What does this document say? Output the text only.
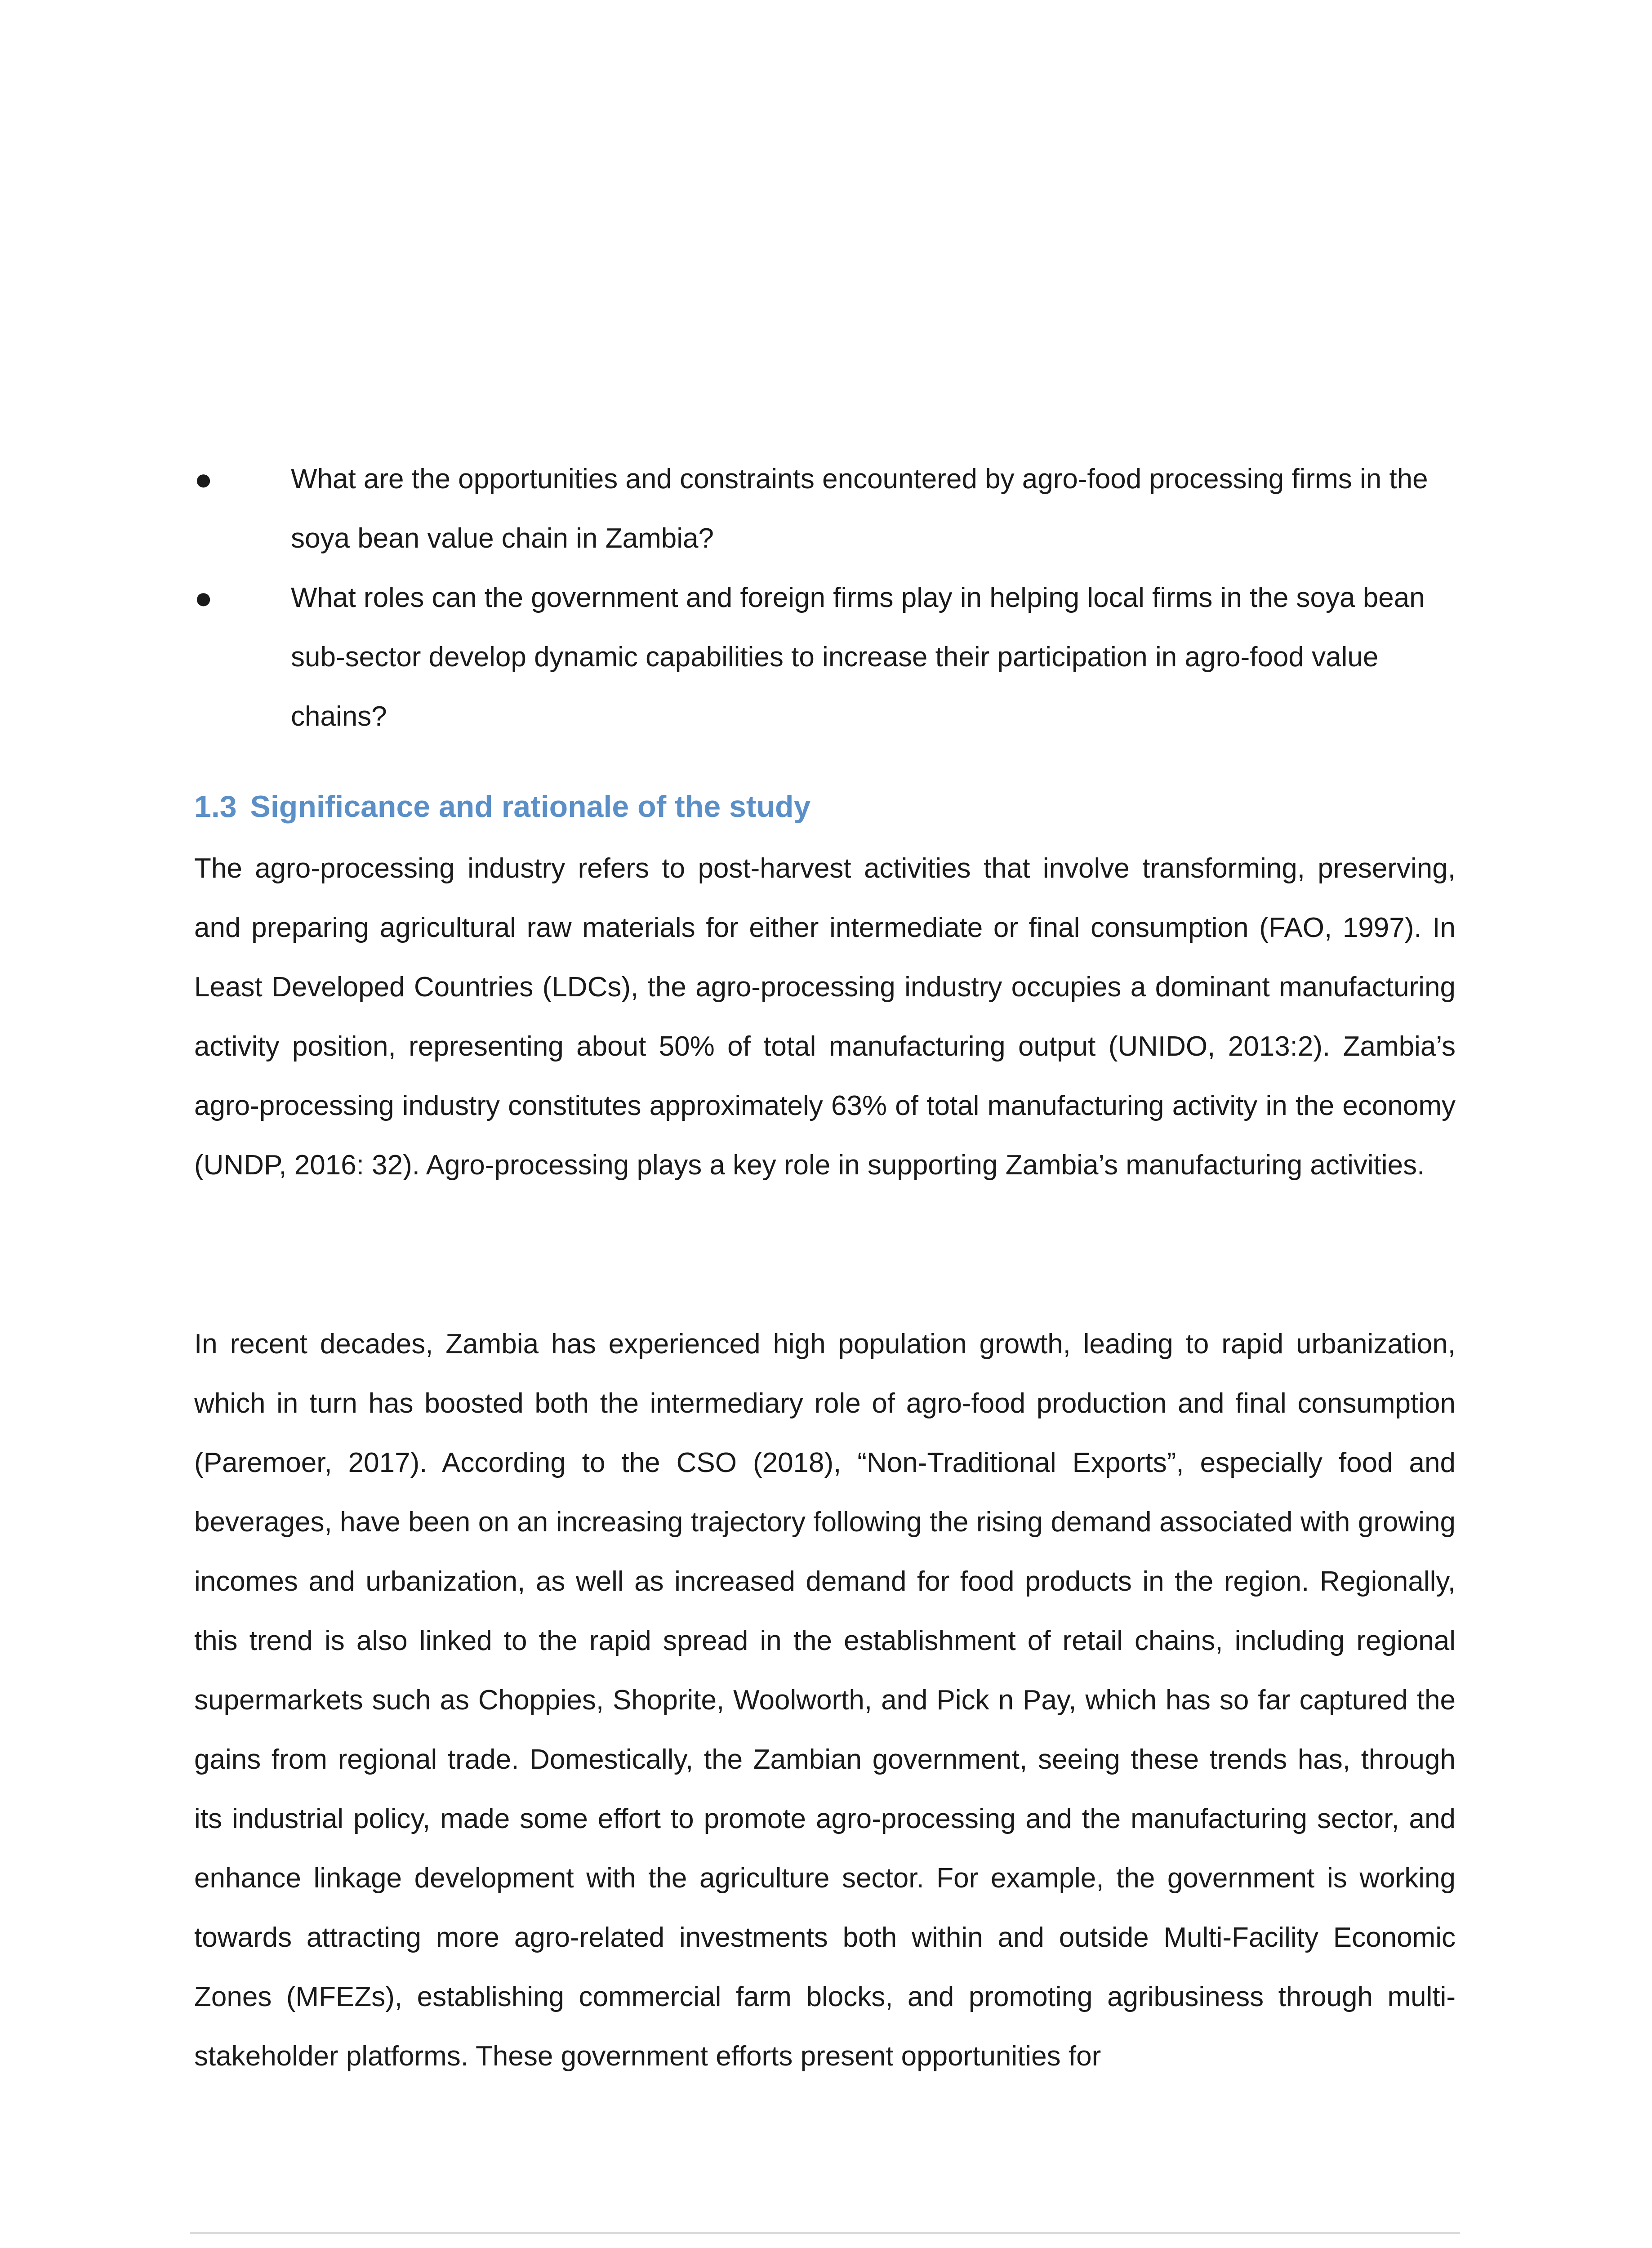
●	What are the opportunities and constraints encountered by agro-food processing firms in the soya bean value chain in Zambia?
●	What roles can the government and foreign firms play in helping local firms in the soya bean sub-sector develop dynamic capabilities to increase their participation in agro-food value chains?
1.3 Significance and rationale of the study

The agro-processing industry refers to post-harvest activities that involve transforming, preserving, and preparing agricultural raw materials for either intermediate or final consumption (FAO, 1997). In Least Developed Countries (LDCs), the agro-processing industry occupies a dominant manufacturing activity position, representing about 50% of total manufacturing output (UNIDO, 2013:2). Zambia’s agro-processing industry constitutes approximately 63% of total manufacturing activity in the economy (UNDP, 2016: 32). Agro-processing plays a key role in supporting Zambia’s manufacturing activities.

In recent decades, Zambia has experienced high population growth, leading to rapid urbanization, which in turn has boosted both the intermediary role of agro-food production and final consumption (Paremoer, 2017). According to the CSO (2018), “Non-Traditional Exports”, especially food and beverages, have been on an increasing trajectory following the rising demand associated with growing incomes and urbanization, as well as increased demand for food products in the region. Regionally, this trend is also linked to the rapid spread in the establishment of retail chains, including regional supermarkets such as Choppies, Shoprite, Woolworth, and Pick n Pay, which has so far captured the gains from regional trade. Domestically, the Zambian government, seeing these trends has, through its industrial policy, made some effort to promote agro-processing and the manufacturing sector, and enhance linkage development with the agriculture sector. For example, the government is working towards attracting more agro-related investments both within and outside Multi-Facility Economic Zones (MFEZs), establishing commercial farm blocks, and promoting agribusiness through multi-stakeholder platforms. These government efforts present opportunities for
